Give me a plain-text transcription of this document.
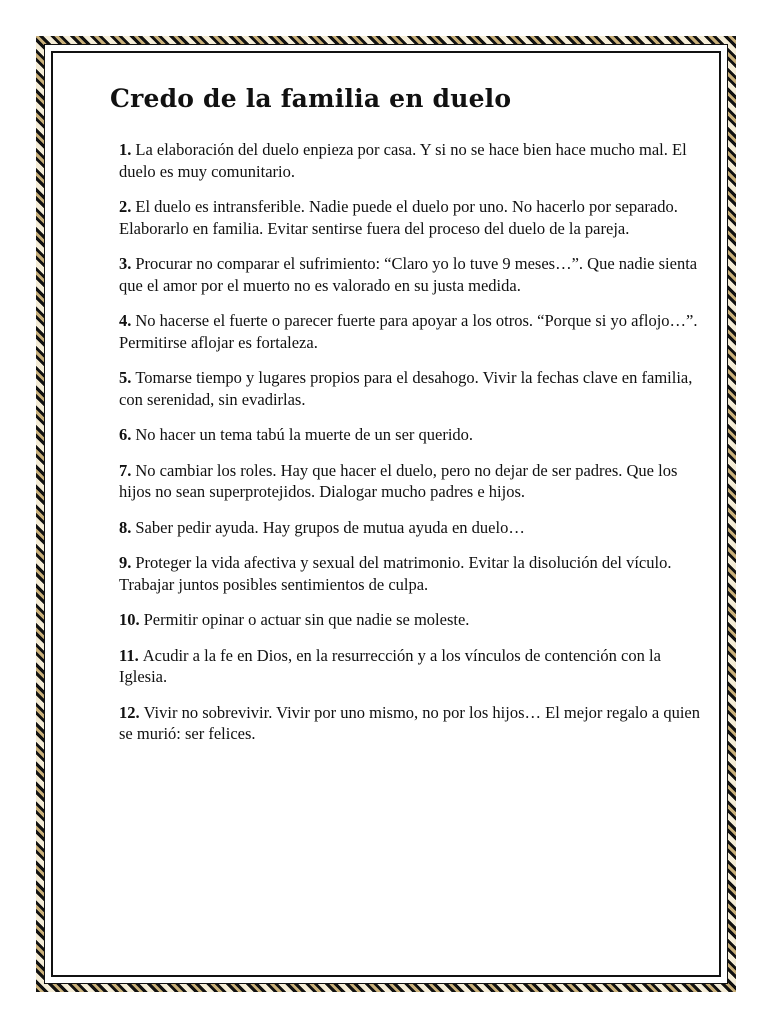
Credo de la familia en duelo

1. La elaboración del duelo enpieza por casa. Y si no se hace bien hace mucho mal. El duelo es muy comunitario.

2. El duelo es intransferible. Nadie puede el duelo por uno. No hacerlo por separado. Elaborarlo en familia. Evitar sentirse fuera del proceso del duelo de la pareja.

3. Procurar no comparar el sufrimiento: “Claro yo lo tuve 9 meses…”. Que nadie sienta que el amor por el muerto no es valorado en su justa medida.

4. No hacerse el fuerte o parecer fuerte para apoyar a los otros. “Porque si yo aflojo…”. Permitirse aflojar es fortaleza.

5. Tomarse tiempo y lugares propios para el desahogo. Vivir la fechas clave en familia, con serenidad, sin evadirlas.

6. No hacer un tema tabú la muerte de un ser querido.

7. No cambiar los roles. Hay que hacer el duelo, pero no dejar de ser padres. Que los hijos no sean superprotejidos. Dialogar mucho padres e hijos.

8. Saber pedir ayuda. Hay grupos de mutua ayuda en duelo…

9. Proteger la vida afectiva y sexual del matrimonio. Evitar la disolución del vículo. Trabajar juntos posibles sentimientos de culpa.

10. Permitir opinar o actuar sin que nadie se moleste.

11. Acudir a la fe en Dios, en la resurrección y a los vínculos de contención con la Iglesia.

12. Vivir no sobrevivir. Vivir por uno mismo, no por los hijos… El mejor regalo a quien se murió: ser felices.
